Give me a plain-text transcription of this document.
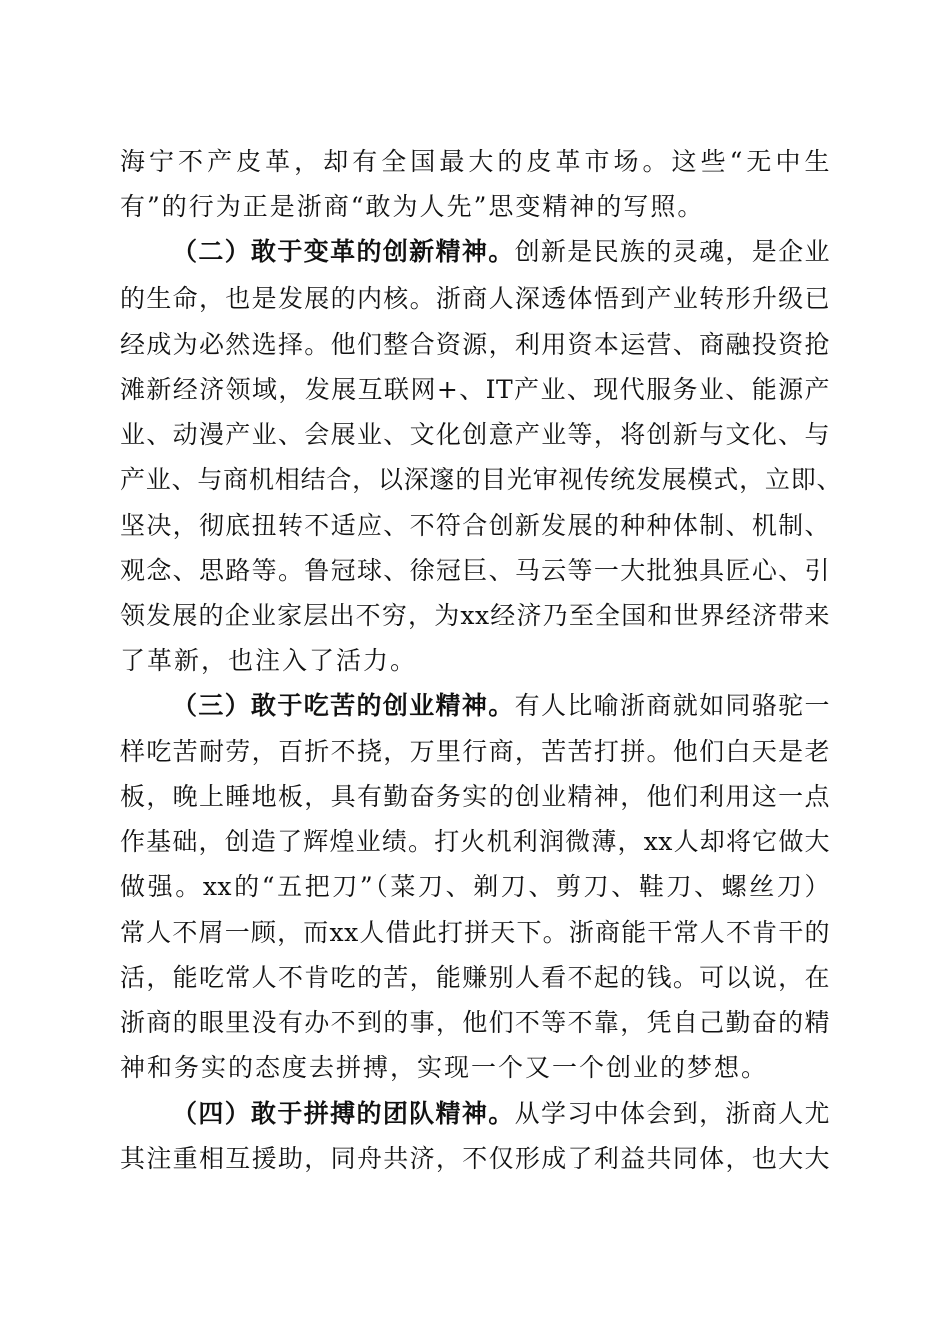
海宁不产皮革，却有全国最大的皮革市场。这些“无中生
有”的行为正是浙商“敢为人先”思变精神的写照。
（二）敢于变革的创新精神。创新是民族的灵魂，是企业
的生命，也是发展的内核。浙商人深透体悟到产业转形升级已
经成为必然选择。他们整合资源，利用资本运营、商融投资抢
滩新经济领域，发展互联网+、IT产业、现代服务业、能源产
业、动漫产业、会展业、文化创意产业等，将创新与文化、与
产业、与商机相结合，以深邃的目光审视传统发展模式，立即、
坚决，彻底扭转不适应、不符合创新发展的种种体制、机制、
观念、思路等。鲁冠球、徐冠巨、马云等一大批独具匠心、引
领发展的企业家层出不穷，为xx经济乃至全国和世界经济带来
了革新，也注入了活力。
（三）敢于吃苦的创业精神。有人比喻浙商就如同骆驼一
样吃苦耐劳，百折不挠，万里行商，苦苦打拼。他们白天是老
板，晚上睡地板，具有勤奋务实的创业精神，他们利用这一点
作基础，创造了辉煌业绩。打火机利润微薄，xx人却将它做大
做强。xx的“五把刀”（菜刀、剃刀、剪刀、鞋刀、螺丝刀）
常人不屑一顾，而xx人借此打拼天下。浙商能干常人不肯干的
活，能吃常人不肯吃的苦，能赚别人看不起的钱。可以说，在
浙商的眼里没有办不到的事，他们不等不靠，凭自己勤奋的精
神和务实的态度去拼搏，实现一个又一个创业的梦想。
（四）敢于拼搏的团队精神。从学习中体会到，浙商人尤
其注重相互援助，同舟共济，不仅形成了利益共同体，也大大
